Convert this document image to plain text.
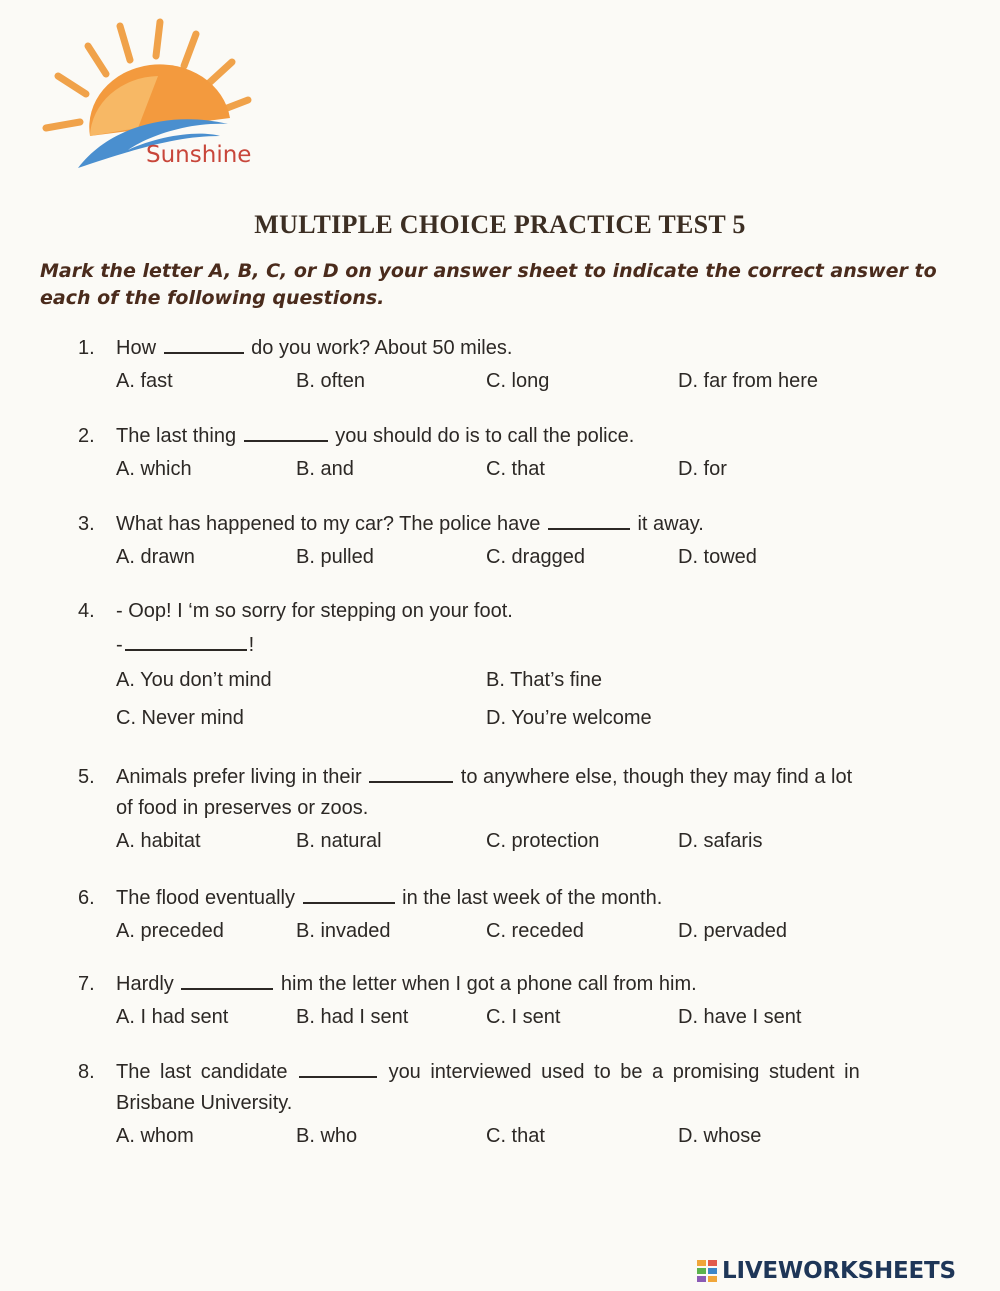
Sunshine
MULTIPLE CHOICE PRACTICE TEST 5
Mark the letter A, B, C, or D on your answer sheet to indicate the correct answer to each of the following questions.
1.	How	do you work? About 50 miles.
A. fast	B. often	C. long	D. far from here
2.	The last thing	you should do is to call the police.
A. which	B. and	C. that	D. for
3.	What has happened to my car? The police have	it away.
A. drawn	B. pulled	C. dragged	D. towed
4.	- Oop! I ‘m so sorry for stepping on your foot.
-	!
A. You don’t mind	B. That’s fine
C. Never mind	D. You’re welcome
5.	Animals prefer living in their	to anywhere else, though they may find a lot
of food in preserves or zoos.
A. habitat	B. natural	C. protection	D. safaris
6.	The flood eventually	in the last week of the month.
A. preceded	B. invaded	C. receded	D. pervaded
7.	Hardly	him the letter when I got a phone call from him.
A. I had sent	B. had I sent	C. I sent	D. have I sent
8.	The last candidate	you interviewed used to be a promising student in
Brisbane University.
A. whom	B. who	C. that	D. whose
LIVEWORKSHEETS
